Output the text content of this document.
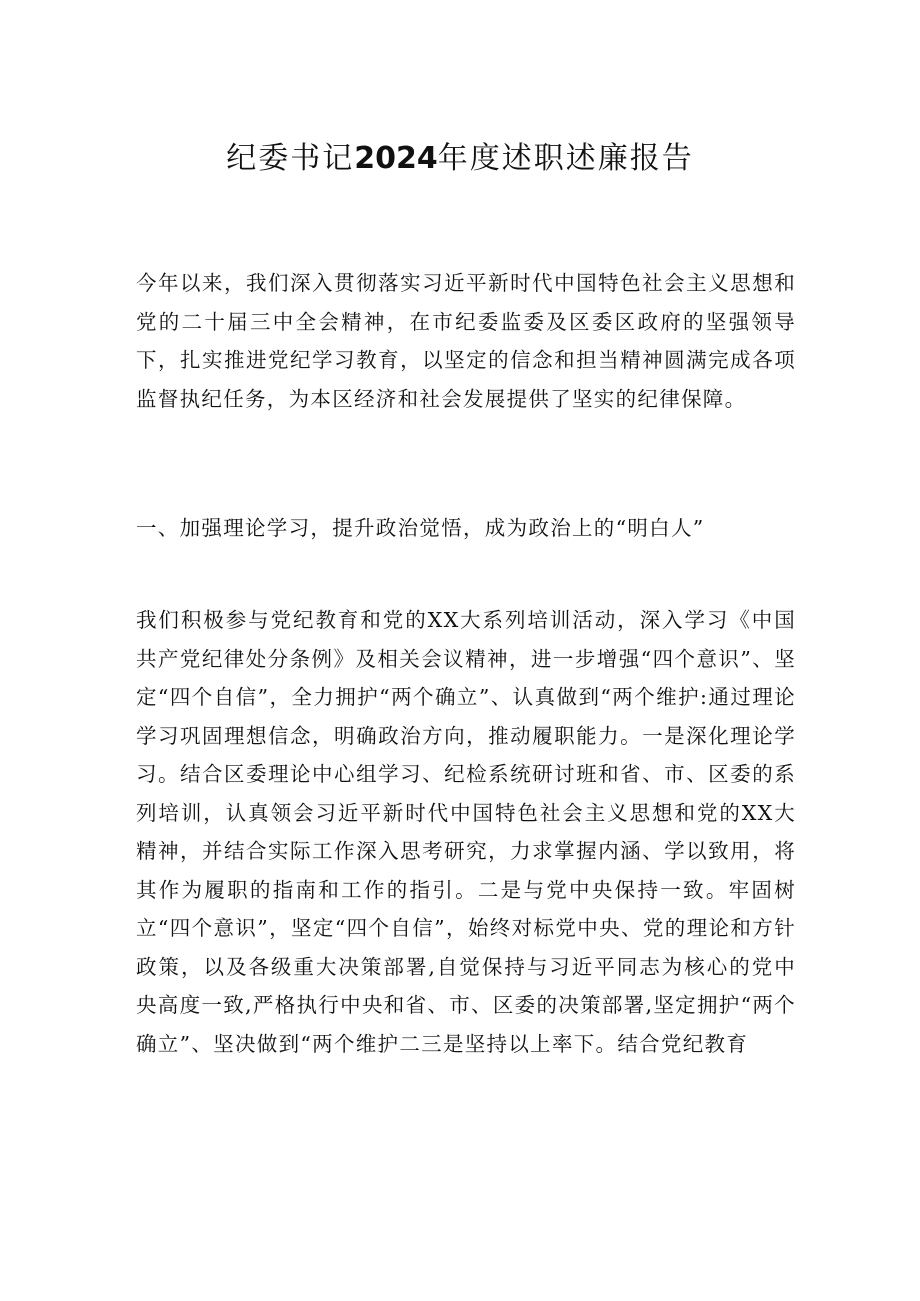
纪委书记2024年度述职述廉报告

今年以来，我们深入贯彻落实习近平新时代中国特色社会主义思想和党的二十届三中全会精神，在市纪委监委及区委区政府的坚强领导下，扎实推进党纪学习教育，以坚定的信念和担当精神圆满完成各项监督执纪任务，为本区经济和社会发展提供了坚实的纪律保障。

一、加强理论学习，提升政治觉悟，成为政治上的“明白人”

我们积极参与党纪教育和党的XX大系列培训活动，深入学习《中国共产党纪律处分条例》及相关会议精神，进一步增强“四个意识”、坚定“四个自信”，全力拥护“两个确立”、认真做到“两个维护:通过理论学习巩固理想信念，明确政治方向，推动履职能力。一是深化理论学习。结合区委理论中心组学习、纪检系统研讨班和省、市、区委的系列培训，认真领会习近平新时代中国特色社会主义思想和党的XX大精神，并结合实际工作深入思考研究，力求掌握内涵、学以致用，将其作为履职的指南和工作的指引。二是与党中央保持一致。牢固树立“四个意识”，坚定“四个自信”，始终对标党中央、党的理论和方针政策，以及各级重大决策部署,自觉保持与习近平同志为核心的党中央高度一致,严格执行中央和省、市、区委的决策部署,坚定拥护“两个确立”、坚决做到“两个维护二三是坚持以上率下。结合党纪教育
